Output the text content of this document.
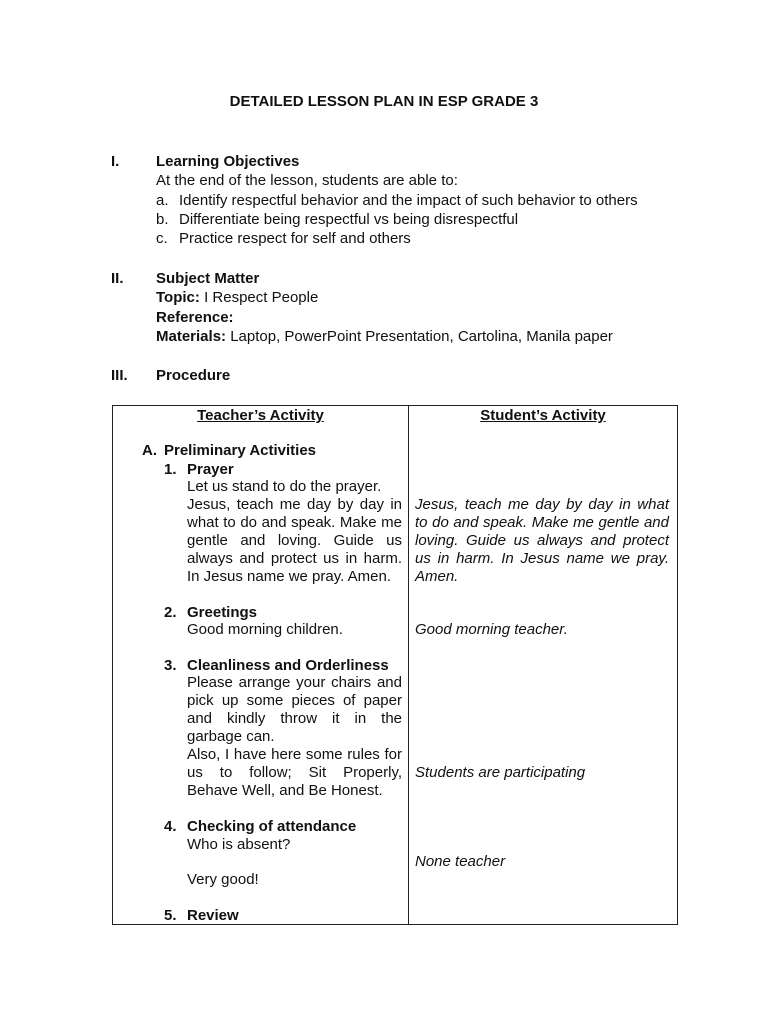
DETAILED LESSON PLAN IN ESP GRADE 3
I. Learning Objectives
At the end of the lesson, students are able to:
a. Identify respectful behavior and the impact of such behavior to others
b. Differentiate being respectful vs being disrespectful
c. Practice respect for self and others
II. Subject Matter
Topic: I Respect People
Reference:
Materials: Laptop, PowerPoint Presentation, Cartolina, Manila paper
III. Procedure
Teacher’s Activity	Student’s Activity
A. Preliminary Activities
1. Prayer
Let us stand to do the prayer.
Jesus, teach me day by day in what to do and speak. Make me gentle and loving. Guide us always and protect us in harm. In Jesus name we pray. Amen.
Jesus, teach me day by day in what to do and speak. Make me gentle and loving. Guide us always and protect us in harm. In Jesus name we pray. Amen.
2. Greetings
Good morning children.	Good morning teacher.
3. Cleanliness and Orderliness
Please arrange your chairs and pick up some pieces of paper and kindly throw it in the garbage can.
Also, I have here some rules for us to follow; Sit Properly, Behave Well, and Be Honest.
Students are participating
4. Checking of attendance
Who is absent?
Very good!
None teacher
5. Review
